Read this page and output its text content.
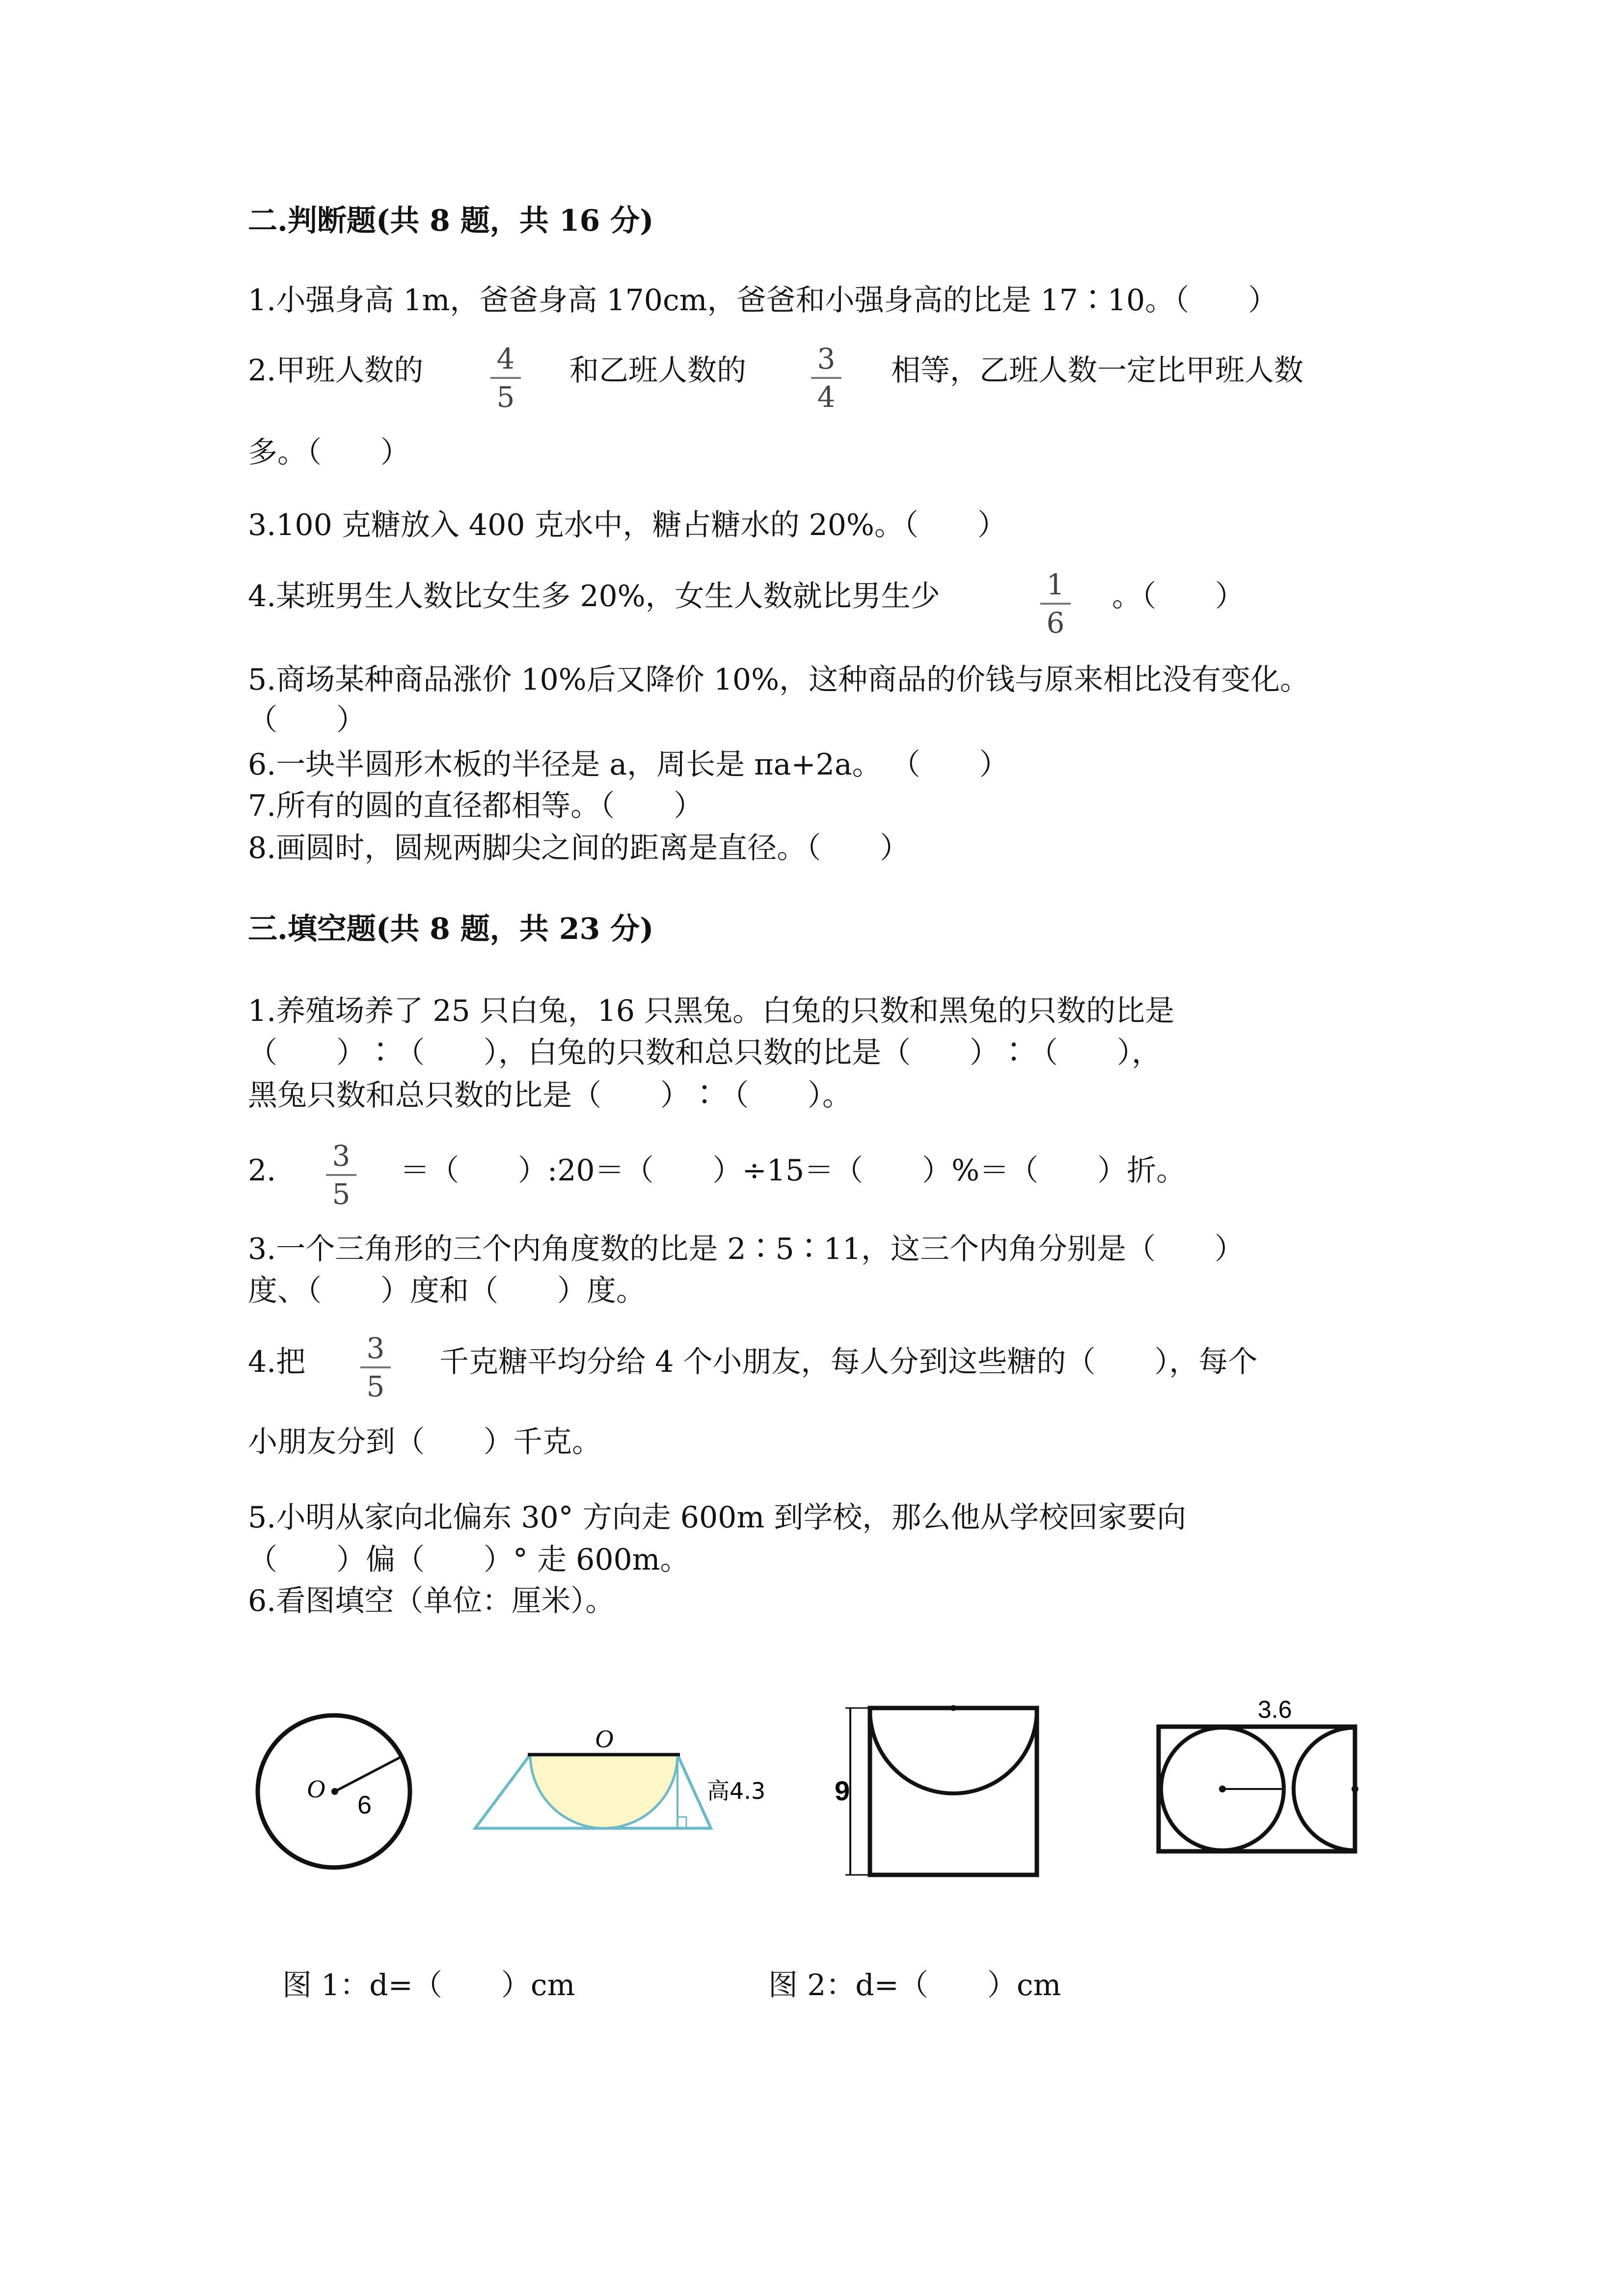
二.判断题(共 8 题，共 16 分)
1.小强身高 1m，爸爸身高 170cm，爸爸和小强身高的比是 17∶10。（　　）
2.甲班人数的	4
5
和乙班人数的	3
4
相等，乙班人数一定比甲班人数
多。（　　）
3.100 克糖放入 400 克水中，糖占糖水的 20%。（　　）
4.某班男生人数比女生多 20%，女生人数就比男生少	1
6
。（　　）
5.商场某种商品涨价 10%后又降价 10%，这种商品的价钱与原来相比没有变化。
（　　）
6.一块半圆形木板的半径是 a，周长是 πa+2a。 （　　）
7.所有的圆的直径都相等。（　　）
8.画圆时，圆规两脚尖之间的距离是直径。（　　）
三.填空题(共 8 题，共 23 分)
1.养殖场养了 25 只白兔，16 只黑兔。白兔的只数和黑兔的只数的比是
（　　）∶（　　），白兔的只数和总只数的比是（　　）∶（　　），
黑兔只数和总只数的比是（　　）∶（　　）。
2.	3
5
＝（　　）:20＝（　　）÷15＝（　　）%＝（　　）折。
3.一个三角形的三个内角度数的比是 2∶5∶11，这三个内角分别是（　　）
度、（　　）度和（　　）度。
4.把	3
5
千克糖平均分给 4 个小朋友，每人分到这些糖的（　　），每个
小朋友分到（　　）千克。
5.小明从家向北偏东 30° 方向走 600m 到学校，那么他从学校回家要向
（　　）偏（　　）° 走 600m。
6.看图填空（单位：厘米）。
O
6
O
高4.3	9
3.6
图 1：d=（　　）cm	图 2：d=（　　）cm
